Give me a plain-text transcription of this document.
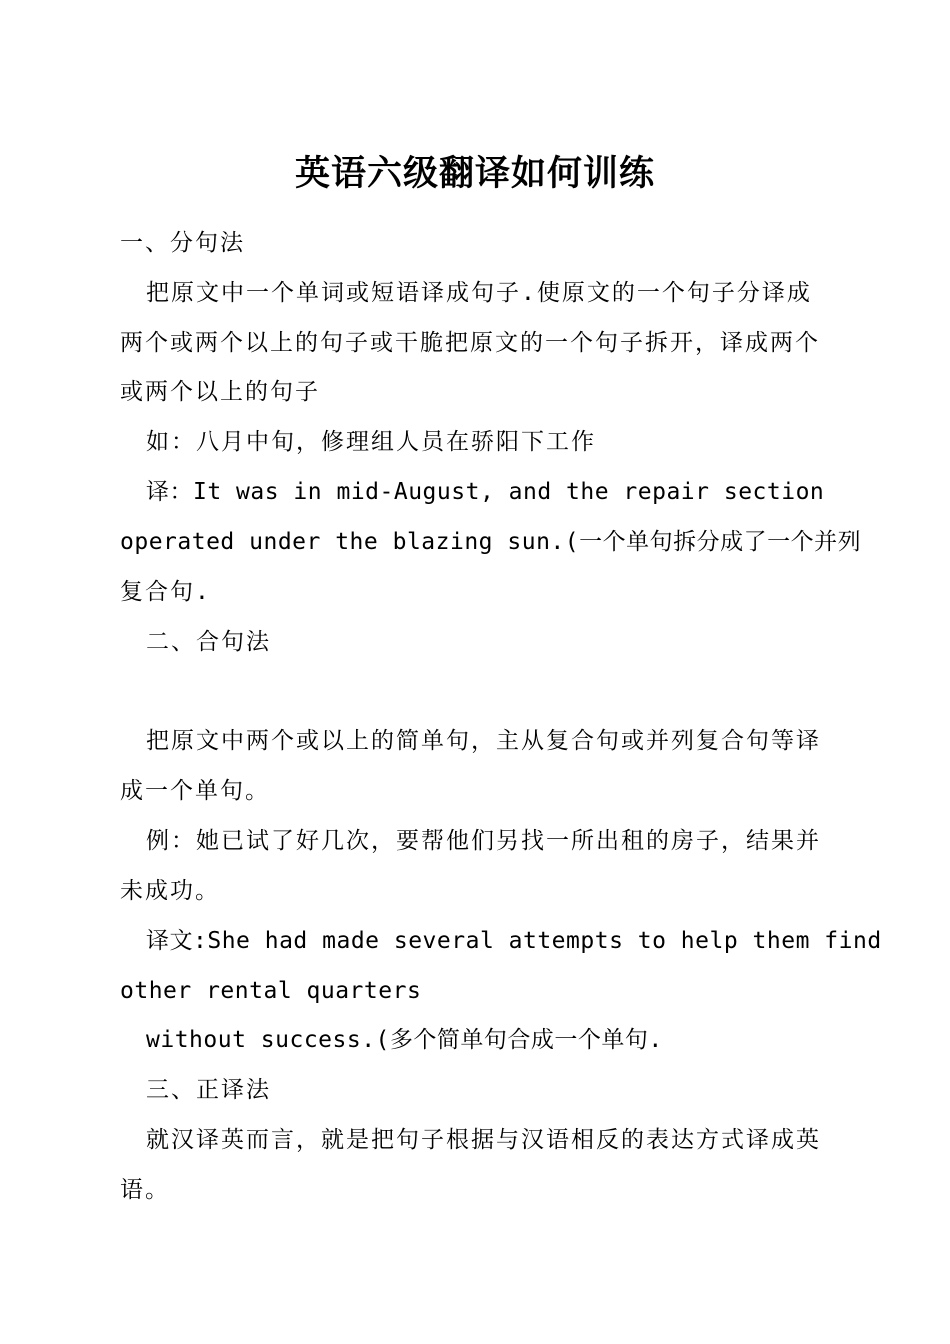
英语六级翻译如何训练
一、分句法
把原文中一个单词或短语译成句子.使原文的一个句子分译成
两个或两个以上的句子或干脆把原文的一个句子拆开，译成两个
或两个以上的句子
如：八月中旬，修理组人员在骄阳下工作
译：It was in mid-August, and the repair section
operated under the blazing sun.(一个单句拆分成了一个并列
复合句.
二、合句法
把原文中两个或以上的简单句，主从复合句或并列复合句等译
成一个单句。
例：她已试了好几次，要帮他们另找一所出租的房子，结果并
未成功。
译文:She had made several attempts to help them find
other rental quarters
without success.(多个简单句合成一个单句.
三、正译法
就汉译英而言，就是把句子根据与汉语相反的表达方式译成英
语。
